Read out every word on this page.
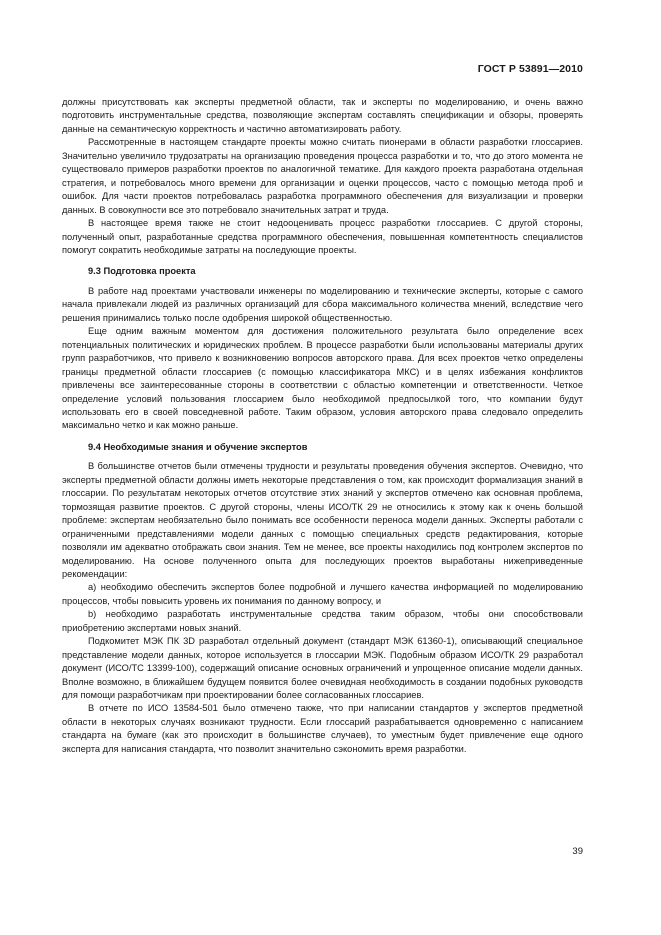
ГОСТ Р 53891—2010

должны присутствовать как эксперты предметной области, так и эксперты по моделированию, и очень важно подготовить инструментальные средства, позволяющие экспертам составлять спецификации и обзоры, проверять данные на семантическую корректность и частично автоматизировать работу.

Рассмотренные в настоящем стандарте проекты можно считать пионерами в области разработки глоссариев. Значительно увеличило трудозатраты на организацию проведения процесса разработки и то, что до этого момента не существовало примеров разработки проектов по аналогичной тематике. Для каждого проекта разработана отдельная стратегия, и потребовалось много времени для организации и оценки процессов, часто с помощью метода проб и ошибок. Для части проектов потребовалась разработка программного обеспечения для визуализации и проверки данных. В совокупности все это потребовало значительных затрат и труда.

В настоящее время также не стоит недооценивать процесс разработки глоссариев. С другой стороны, полученный опыт, разработанные средства программного обеспечения, повышенная компетентность специалистов помогут сократить необходимые затраты на последующие проекты.

9.3 Подготовка проекта

В работе над проектами участвовали инженеры по моделированию и технические эксперты, которые с самого начала привлекали людей из различных организаций для сбора максимального количества мнений, вследствие чего решения принимались только после одобрения широкой общественностью.

Еще одним важным моментом для достижения положительного результата было определение всех потенциальных политических и юридических проблем. В процессе разработки были использованы материалы других групп разработчиков, что привело к возникновению вопросов авторского права. Для всех проектов четко определены границы предметной области глоссариев (с помощью классификатора МКС) и в целях избежания конфликтов привлечены все заинтересованные стороны в соответствии с областью компетенции и ответственности. Четкое определение условий пользования глоссарием было необходимой предпосылкой того, что компании будут использовать его в своей повседневной работе. Таким образом, условия авторского права следовало определить максимально четко и как можно раньше.

9.4 Необходимые знания и обучение экспертов

В большинстве отчетов были отмечены трудности и результаты проведения обучения экспертов. Очевидно, что эксперты предметной области должны иметь некоторые представления о том, как происходит формализация знаний в глоссарии. По результатам некоторых отчетов отсутствие этих знаний у экспертов отмечено как основная проблема, тормозящая развитие проектов. С другой стороны, члены ИСО/ТК 29 не относились к этому как к очень большой проблеме: экспертам необязательно было понимать все особенности переноса модели данных. Эксперты работали с ограниченными представлениями модели данных с помощью специальных средств редактирования, которые позволяли им адекватно отображать свои знания. Тем не менее, все проекты находились под контролем экспертов по моделированию. На основе полученного опыта для последующих проектов выработаны нижеприведенные рекомендации:

а) необходимо обеспечить экспертов более подробной и лучшего качества информацией по моделированию процессов, чтобы повысить уровень их понимания по данному вопросу, и

b) необходимо разработать инструментальные средства таким образом, чтобы они способствовали приобретению экспертами новых знаний.

Подкомитет МЭК ПК 3D разработал отдельный документ (стандарт МЭК 61360-1), описывающий специальное представление модели данных, которое используется в глоссарии МЭК. Подобным образом ИСО/ТК 29 разработал документ (ИСО/ТС 13399-100), содержащий описание основных ограничений и упрощенное описание модели данных. Вполне возможно, в ближайшем будущем появится более очевидная необходимость в создании подобных руководств для помощи разработчикам при проектировании более согласованных глоссариев.

В отчете по ИСО 13584-501 было отмечено также, что при написании стандартов у экспертов предметной области в некоторых случаях возникают трудности. Если глоссарий разрабатывается одновременно с написанием стандарта на бумаге (как это происходит в большинстве случаев), то уместным будет привлечение еще одного эксперта для написания стандарта, что позволит значительно сэкономить время разработки.

39
